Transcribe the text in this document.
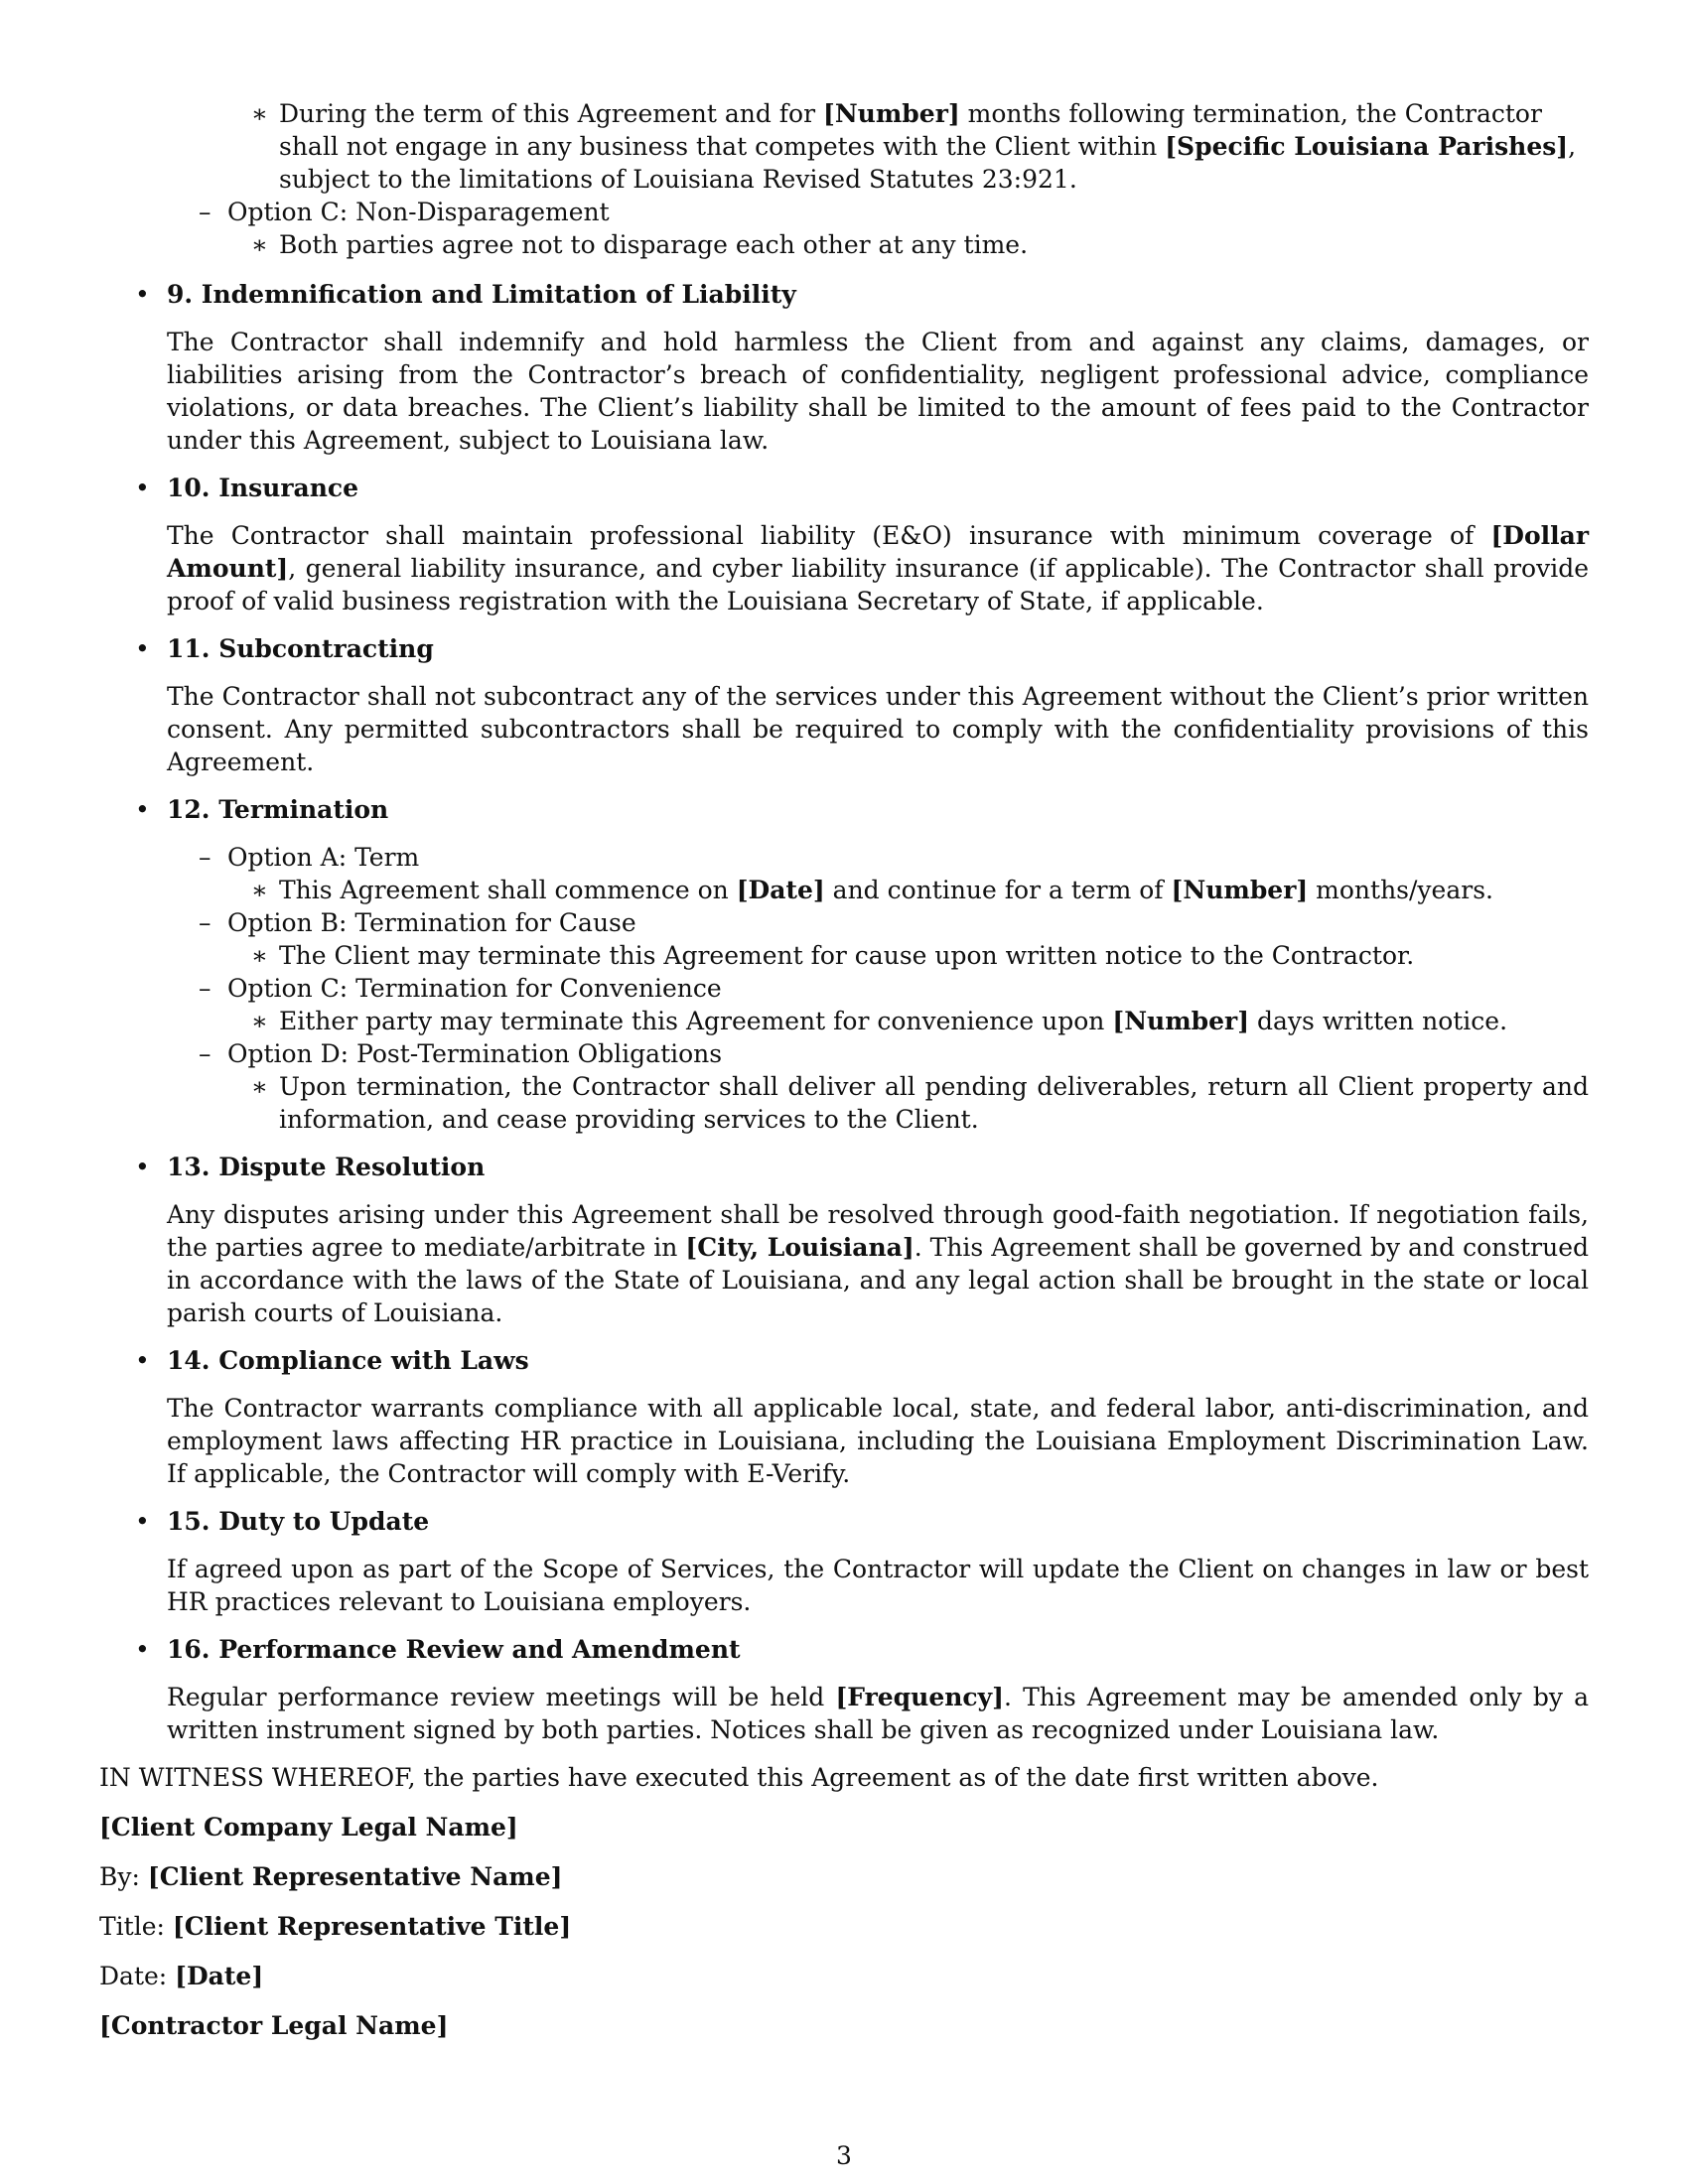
∗ During the term of this Agreement and for [Number] months following termination, the Contractor shall not engage in any business that competes with the Client within [Specific Louisiana Parishes], subject to the limitations of Louisiana Revised Statutes 23:921.
– Option C: Non-Disparagement
∗ Both parties agree not to disparage each other at any time.
• 9. Indemnification and Limitation of Liability
The Contractor shall indemnify and hold harmless the Client from and against any claims, damages, or liabilities arising from the Contractor’s breach of confidentiality, negligent professional advice, compliance violations, or data breaches. The Client’s liability shall be limited to the amount of fees paid to the Contractor under this Agreement, subject to Louisiana law.
• 10. Insurance
The Contractor shall maintain professional liability (E&O) insurance with minimum coverage of [Dollar Amount], general liability insurance, and cyber liability insurance (if applicable). The Contractor shall provide proof of valid business registration with the Louisiana Secretary of State, if applicable.
• 11. Subcontracting
The Contractor shall not subcontract any of the services under this Agreement without the Client’s prior written consent. Any permitted subcontractors shall be required to comply with the confidentiality provisions of this Agreement.
• 12. Termination
– Option A: Term
∗ This Agreement shall commence on [Date] and continue for a term of [Number] months/years.
– Option B: Termination for Cause
∗ The Client may terminate this Agreement for cause upon written notice to the Contractor.
– Option C: Termination for Convenience
∗ Either party may terminate this Agreement for convenience upon [Number] days written notice.
– Option D: Post-Termination Obligations
∗ Upon termination, the Contractor shall deliver all pending deliverables, return all Client property and information, and cease providing services to the Client.
• 13. Dispute Resolution
Any disputes arising under this Agreement shall be resolved through good-faith negotiation. If negotiation fails, the parties agree to mediate/arbitrate in [City, Louisiana]. This Agreement shall be governed by and construed in accordance with the laws of the State of Louisiana, and any legal action shall be brought in the state or local parish courts of Louisiana.
• 14. Compliance with Laws
The Contractor warrants compliance with all applicable local, state, and federal labor, anti-discrimination, and employment laws affecting HR practice in Louisiana, including the Louisiana Employment Discrimination Law. If applicable, the Contractor will comply with E-Verify.
• 15. Duty to Update
If agreed upon as part of the Scope of Services, the Contractor will update the Client on changes in law or best HR practices relevant to Louisiana employers.
• 16. Performance Review and Amendment
Regular performance review meetings will be held [Frequency]. This Agreement may be amended only by a written instrument signed by both parties. Notices shall be given as recognized under Louisiana law.
IN WITNESS WHEREOF, the parties have executed this Agreement as of the date first written above.
[Client Company Legal Name]
By: [Client Representative Name]
Title: [Client Representative Title]
Date: [Date]
[Contractor Legal Name]
3
